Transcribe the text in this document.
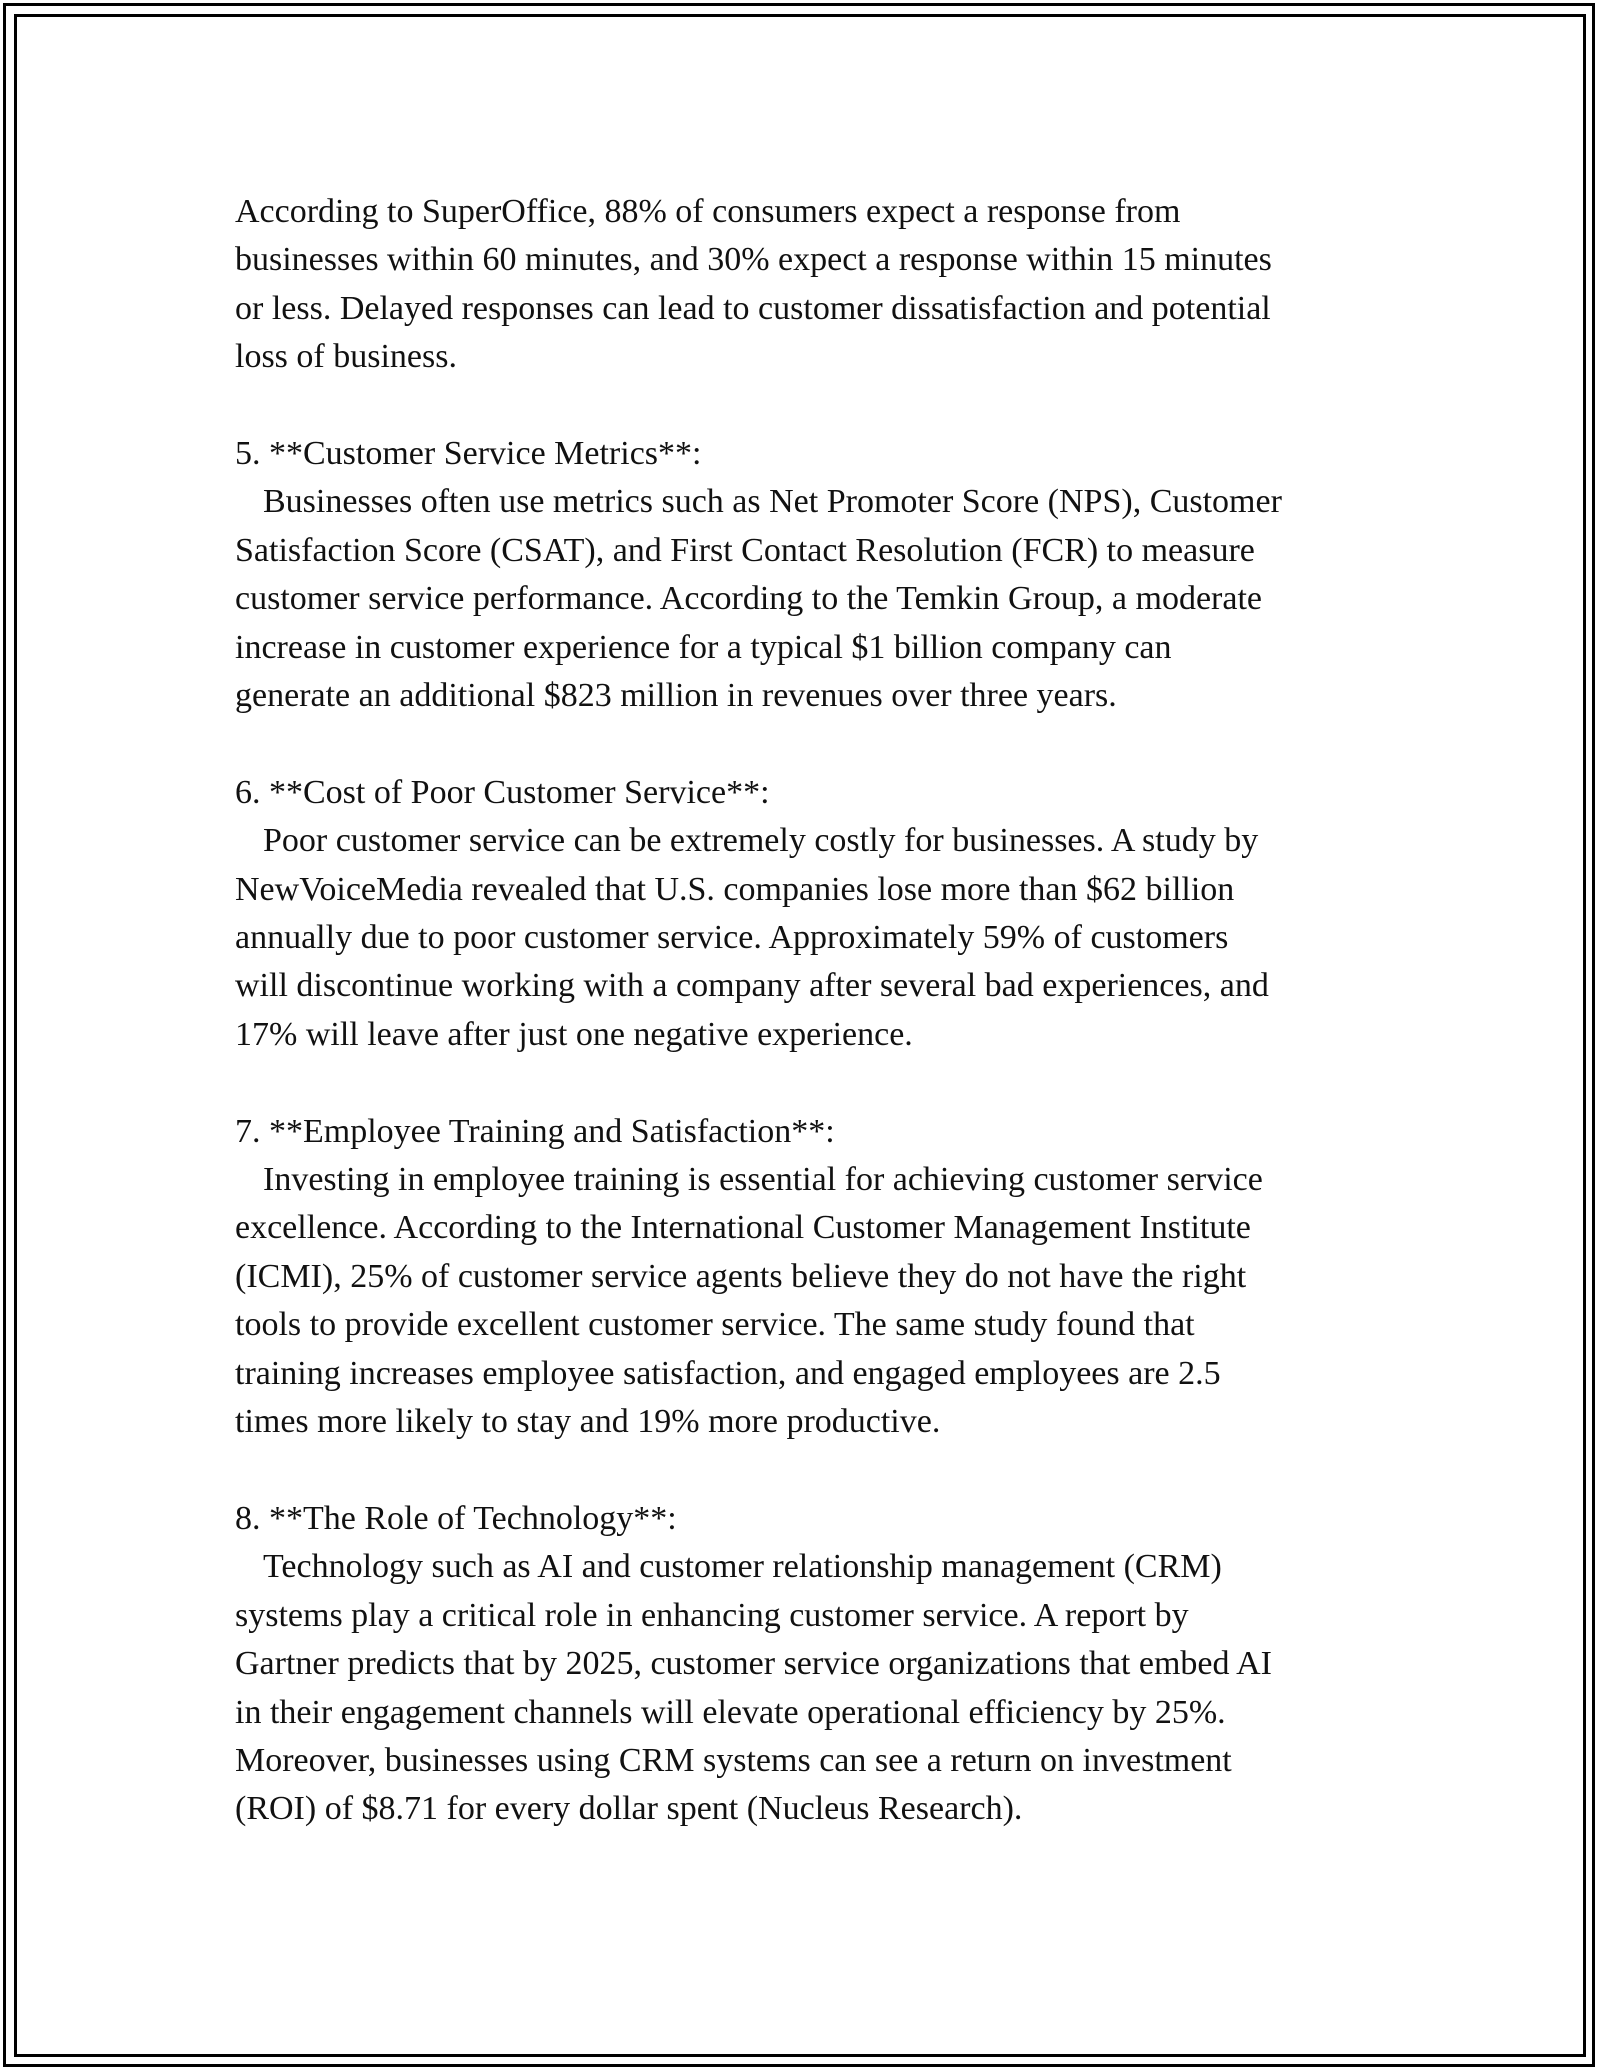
According to SuperOffice, 88% of consumers expect a response from
businesses within 60 minutes, and 30% expect a response within 15 minutes
or less. Delayed responses can lead to customer dissatisfaction and potential
loss of business.

5. **Customer Service Metrics**:

Businesses often use metrics such as Net Promoter Score (NPS), Customer
Satisfaction Score (CSAT), and First Contact Resolution (FCR) to measure
customer service performance. According to the Temkin Group, a moderate
increase in customer experience for a typical $1 billion company can
generate an additional $823 million in revenues over three years.

6. **Cost of Poor Customer Service**:

Poor customer service can be extremely costly for businesses. A study by
NewVoiceMedia revealed that U.S. companies lose more than $62 billion
annually due to poor customer service. Approximately 59% of customers
will discontinue working with a company after several bad experiences, and
17% will leave after just one negative experience.

7. **Employee Training and Satisfaction**:

Investing in employee training is essential for achieving customer service
excellence. According to the International Customer Management Institute
(ICMI), 25% of customer service agents believe they do not have the right
tools to provide excellent customer service. The same study found that
training increases employee satisfaction, and engaged employees are 2.5
times more likely to stay and 19% more productive.

8. **The Role of Technology**:

Technology such as AI and customer relationship management (CRM)
systems play a critical role in enhancing customer service. A report by
Gartner predicts that by 2025, customer service organizations that embed AI
in their engagement channels will elevate operational efficiency by 25%.
Moreover, businesses using CRM systems can see a return on investment
(ROI) of $8.71 for every dollar spent (Nucleus Research).
